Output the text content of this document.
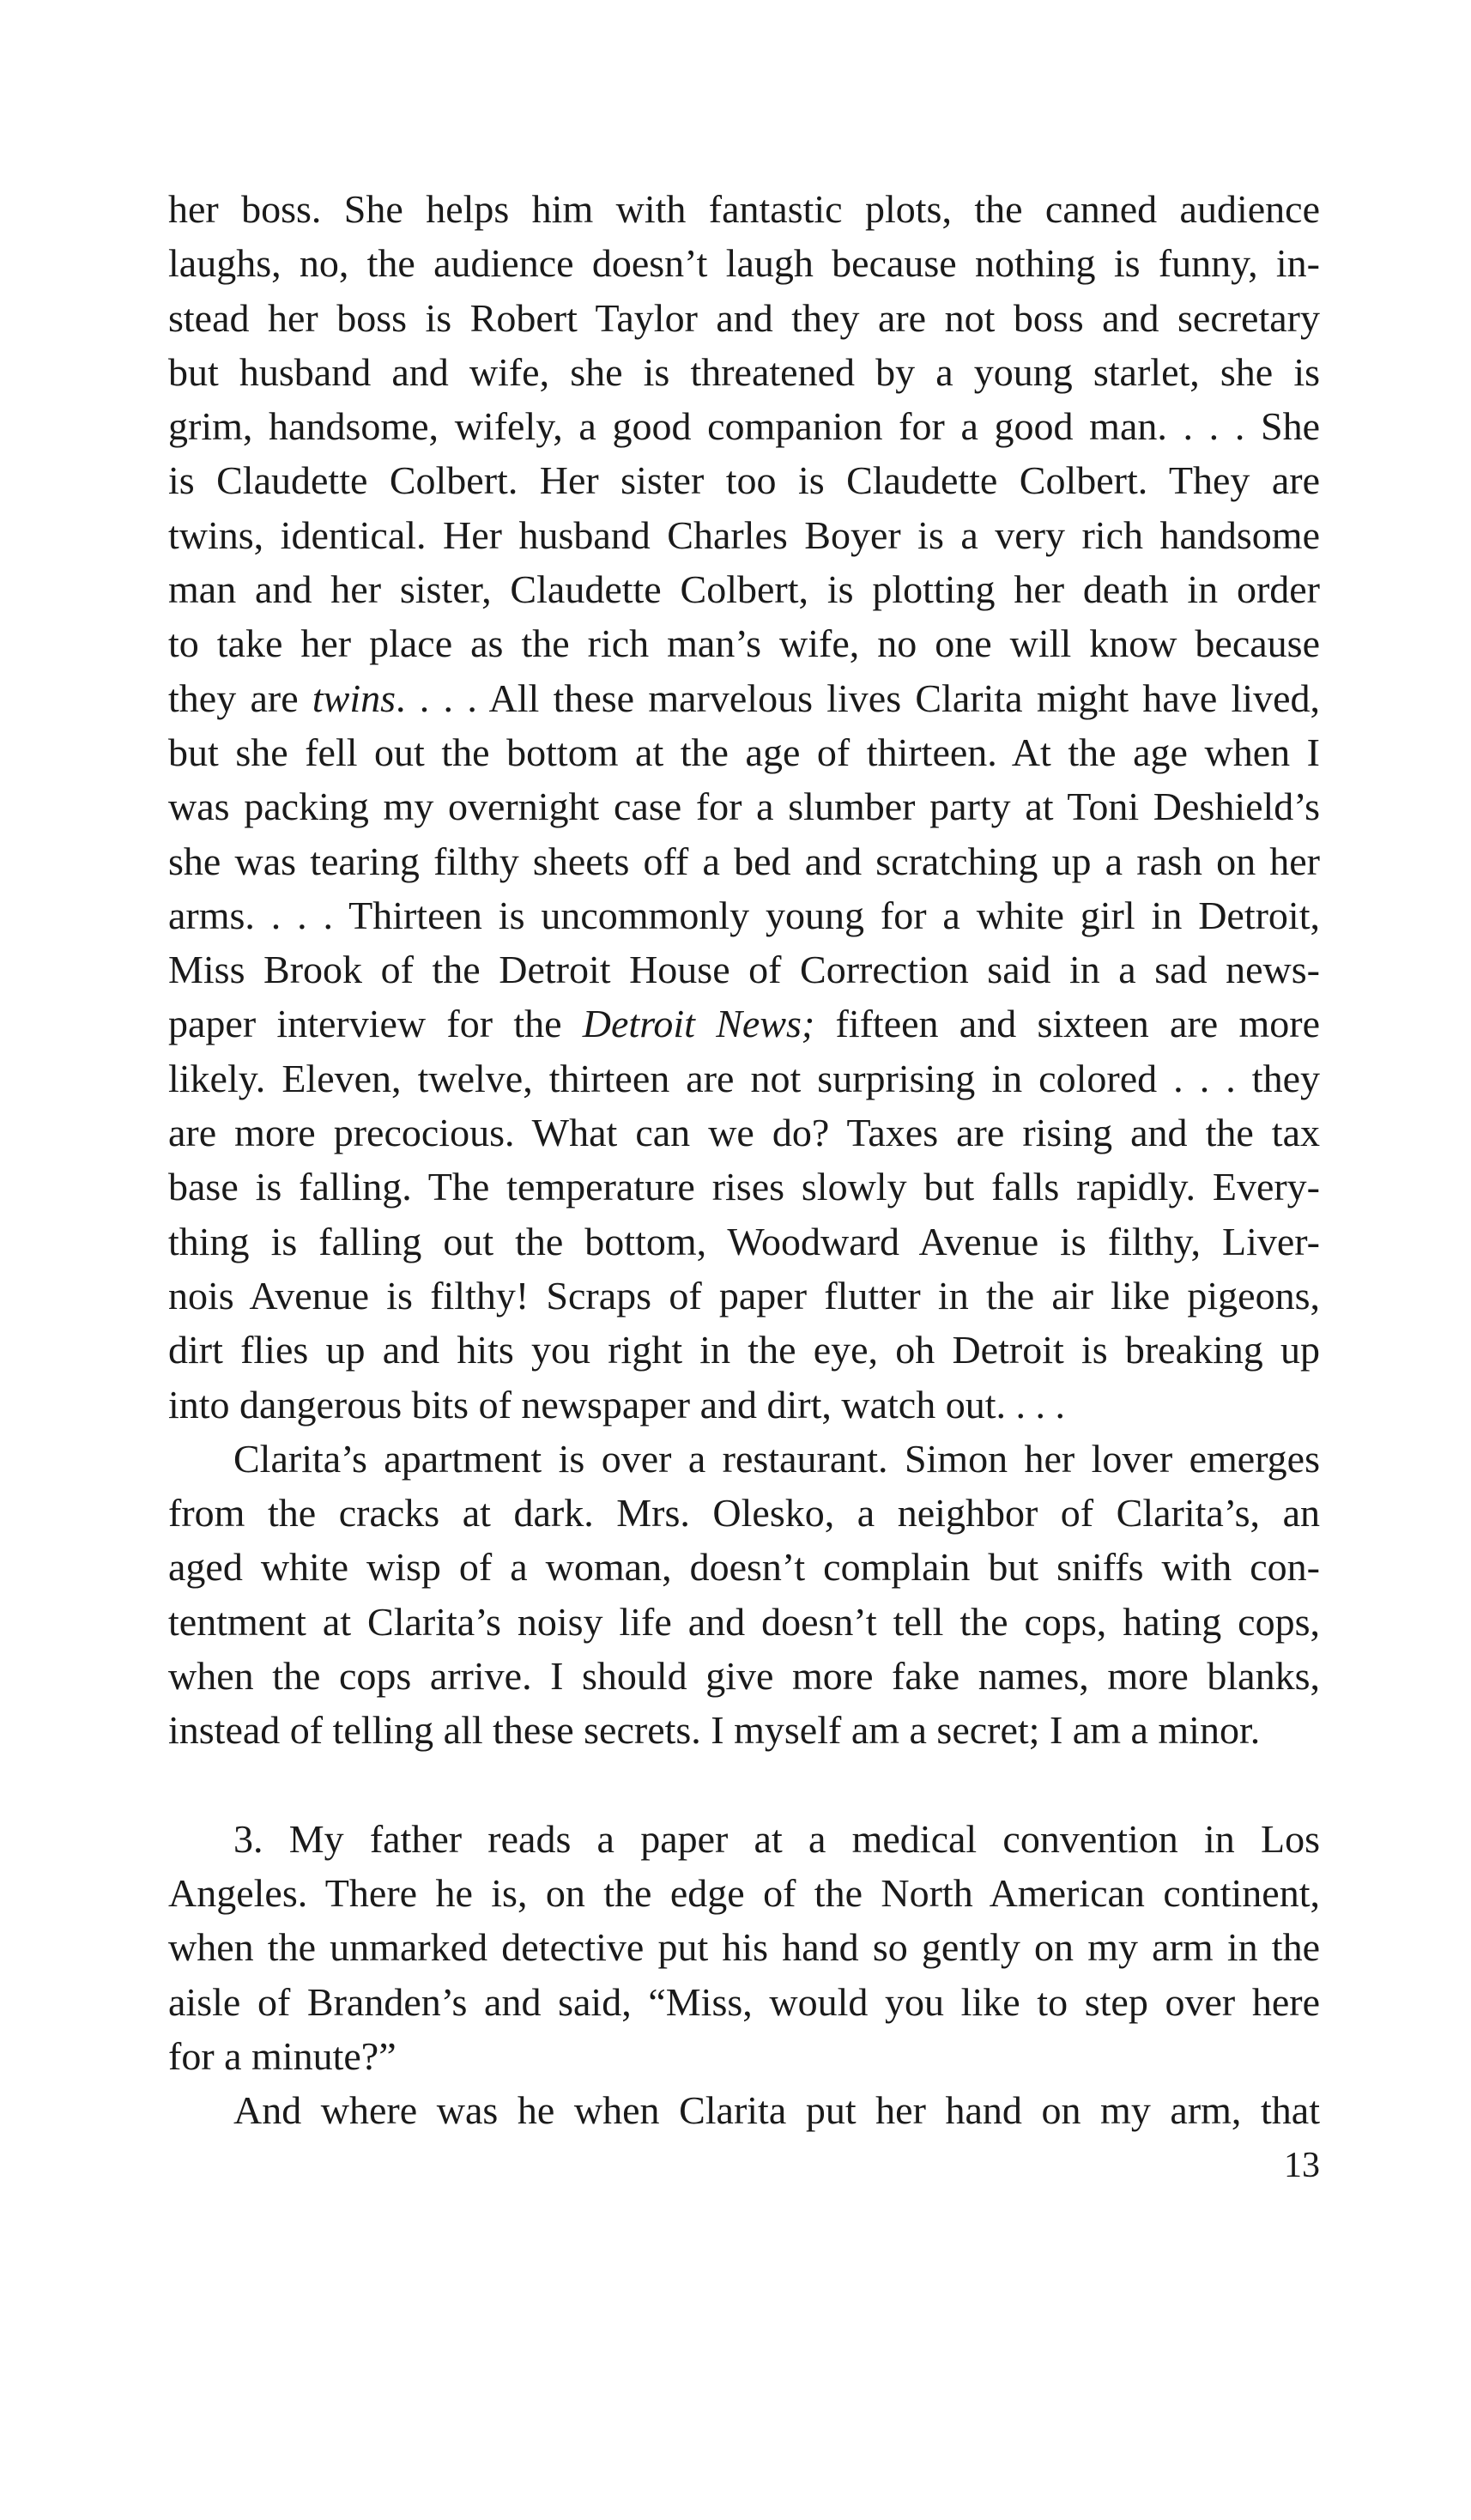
her boss. She helps him with fantastic plots, the canned audience
laughs, no, the audience doesn’t laugh because nothing is funny, in-
stead her boss is Robert Taylor and they are not boss and secretary
but husband and wife, she is threatened by a young starlet, she is
grim, handsome, wifely, a good companion for a good man. . . . She
is Claudette Colbert. Her sister too is Claudette Colbert. They are
twins, identical. Her husband Charles Boyer is a very rich handsome
man and her sister, Claudette Colbert, is plotting her death in order
to take her place as the rich man’s wife, no one will know because
they are twins. . . . All these marvelous lives Clarita might have lived,
but she fell out the bottom at the age of thirteen. At the age when I
was packing my overnight case for a slumber party at Toni Deshield’s
she was tearing filthy sheets off a bed and scratching up a rash on her
arms. . . . Thirteen is uncommonly young for a white girl in Detroit,
Miss Brook of the Detroit House of Correction said in a sad news-
paper interview for the Detroit News; fifteen and sixteen are more
likely. Eleven, twelve, thirteen are not surprising in colored . . . they
are more precocious. What can we do? Taxes are rising and the tax
base is falling. The temperature rises slowly but falls rapidly. Every-
thing is falling out the bottom, Woodward Avenue is filthy, Liver-
nois Avenue is filthy! Scraps of paper flutter in the air like pigeons,
dirt flies up and hits you right in the eye, oh Detroit is breaking up
into dangerous bits of newspaper and dirt, watch out. . . .
Clarita’s apartment is over a restaurant. Simon her lover emerges
from the cracks at dark. Mrs. Olesko, a neighbor of Clarita’s, an
aged white wisp of a woman, doesn’t complain but sniffs with con-
tentment at Clarita’s noisy life and doesn’t tell the cops, hating cops,
when the cops arrive. I should give more fake names, more blanks,
instead of telling all these secrets. I myself am a secret; I am a minor.
3. My father reads a paper at a medical convention in Los
Angeles. There he is, on the edge of the North American continent,
when the unmarked detective put his hand so gently on my arm in the
aisle of Branden’s and said, “Miss, would you like to step over here
for a minute?”
And where was he when Clarita put her hand on my arm, that
13
